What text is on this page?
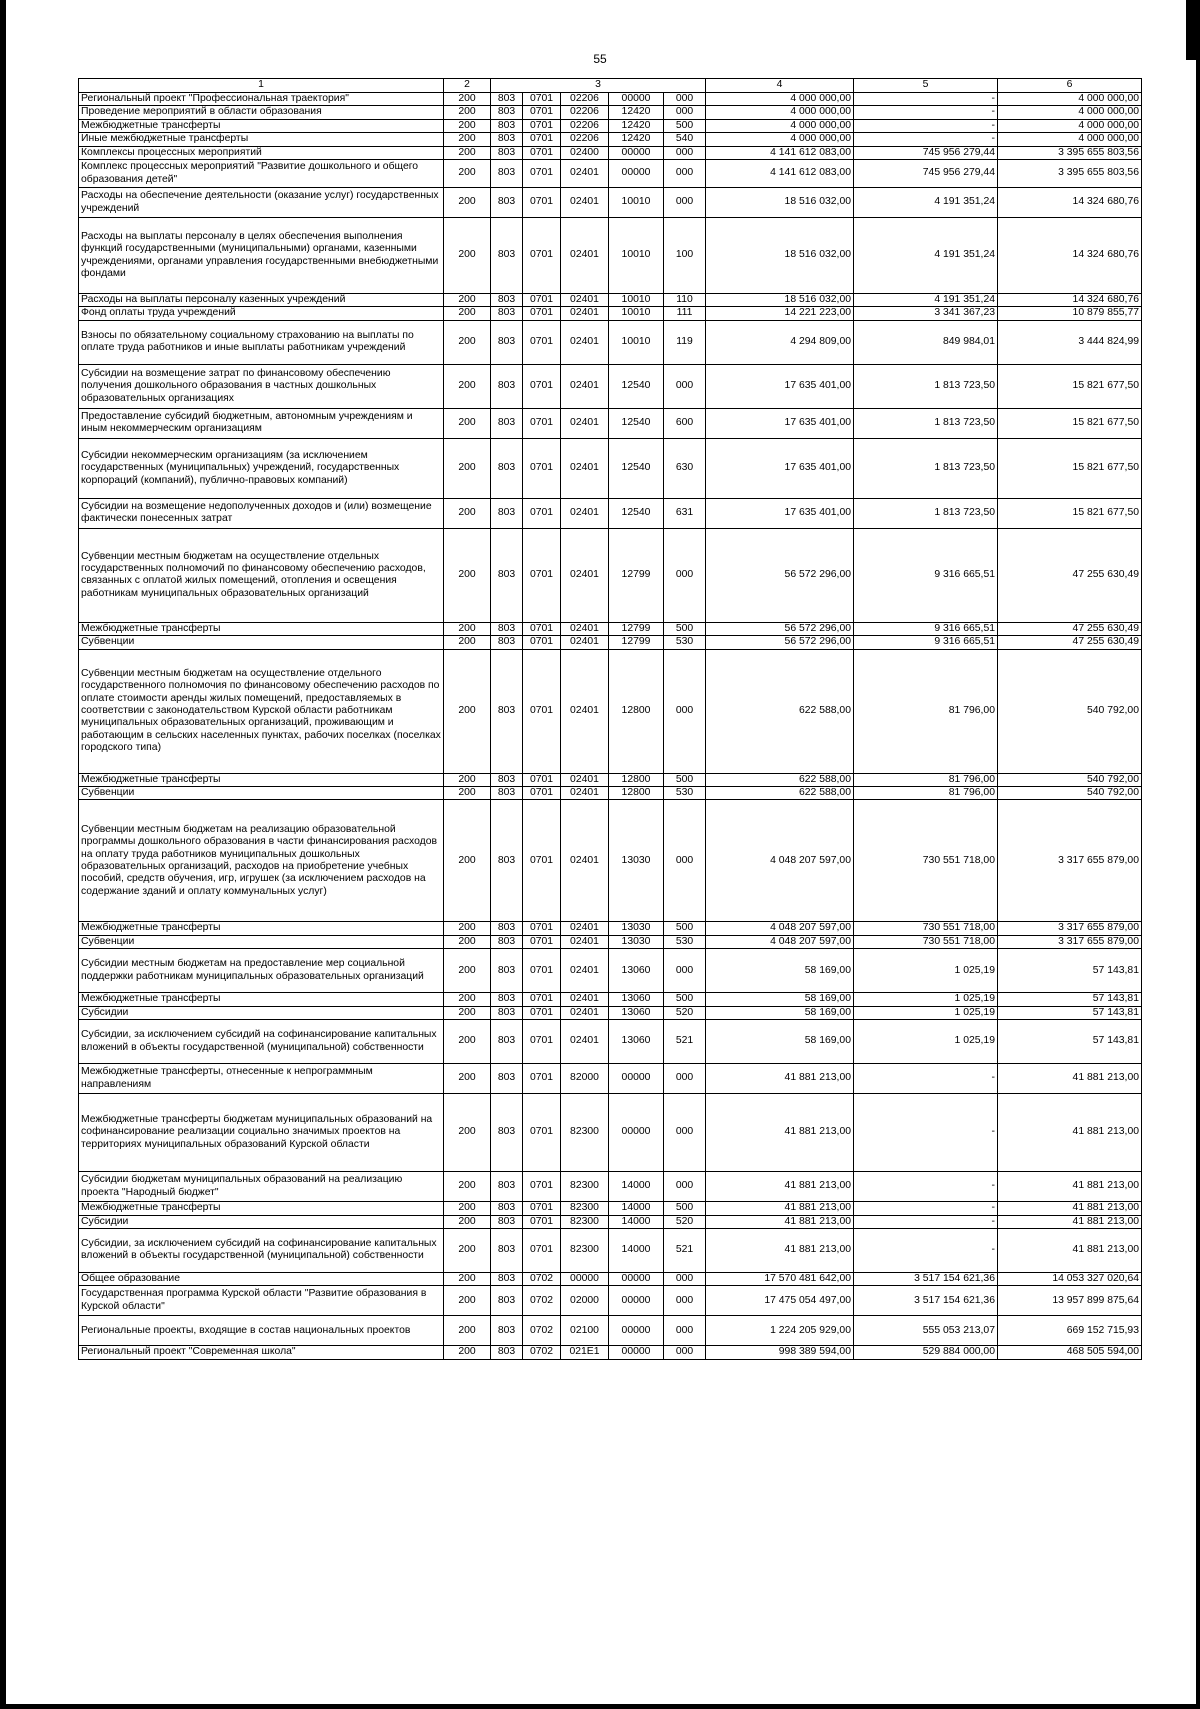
55
1	2	3					4	5	6
Региональный проект "Профессиональная траектория"	200	803	0701	02206	00000	000	4 000 000,00	-	4 000 000,00
Проведение мероприятий в области образования	200	803	0701	02206	12420	000	4 000 000,00	-	4 000 000,00
Межбюджетные трансферты	200	803	0701	02206	12420	500	4 000 000,00	-	4 000 000,00
Иные межбюджетные трансферты	200	803	0701	02206	12420	540	4 000 000,00	-	4 000 000,00
Комплексы процессных мероприятий	200	803	0701	02400	00000	000	4 141 612 083,00	745 956 279,44	3 395 655 803,56
Комплекс процессных мероприятий "Развитие дошкольного и общего образования детей"	200	803	0701	02401	00000	000	4 141 612 083,00	745 956 279,44	3 395 655 803,56
Расходы на обеспечение деятельности (оказание услуг) государственных учреждений	200	803	0701	02401	10010	000	18 516 032,00	4 191 351,24	14 324 680,76
Расходы на выплаты персоналу в целях обеспечения выполнения функций государственными (муниципальными) органами, казенными учреждениями, органами управления государственными внебюджетными фондами	200	803	0701	02401	10010	100	18 516 032,00	4 191 351,24	14 324 680,76
Расходы на выплаты персоналу казенных учреждений	200	803	0701	02401	10010	110	18 516 032,00	4 191 351,24	14 324 680,76
Фонд оплаты труда учреждений	200	803	0701	02401	10010	111	14 221 223,00	3 341 367,23	10 879 855,77
Взносы по обязательному социальному страхованию на выплаты по оплате труда работников и иные выплаты работникам учреждений	200	803	0701	02401	10010	119	4 294 809,00	849 984,01	3 444 824,99
Субсидии на возмещение затрат по финансовому обеспечению получения дошкольного образования в частных дошкольных образовательных организациях	200	803	0701	02401	12540	000	17 635 401,00	1 813 723,50	15 821 677,50
Предоставление субсидий бюджетным, автономным учреждениям и иным некоммерческим организациям	200	803	0701	02401	12540	600	17 635 401,00	1 813 723,50	15 821 677,50
Субсидии некоммерческим организациям (за исключением государственных (муниципальных) учреждений, государственных корпораций (компаний), публично-правовых компаний)	200	803	0701	02401	12540	630	17 635 401,00	1 813 723,50	15 821 677,50
Субсидии на возмещение недополученных доходов и (или) возмещение фактически понесенных затрат	200	803	0701	02401	12540	631	17 635 401,00	1 813 723,50	15 821 677,50
Субвенции местным бюджетам на осуществление отдельных государственных полномочий по финансовому обеспечению расходов, связанных с оплатой жилых помещений, отопления и освещения работникам муниципальных образовательных организаций	200	803	0701	02401	12799	000	56 572 296,00	9 316 665,51	47 255 630,49
Межбюджетные трансферты	200	803	0701	02401	12799	500	56 572 296,00	9 316 665,51	47 255 630,49
Субвенции	200	803	0701	02401	12799	530	56 572 296,00	9 316 665,51	47 255 630,49
Субвенции местным бюджетам на осуществление отдельного государственного полномочия по финансовому обеспечению расходов по оплате стоимости аренды жилых помещений, предоставляемых в соответствии с законодательством Курской области работникам муниципальных образовательных организаций, проживающим и работающим в сельских населенных пунктах, рабочих поселках (поселках городского типа)	200	803	0701	02401	12800	000	622 588,00	81 796,00	540 792,00
Межбюджетные трансферты	200	803	0701	02401	12800	500	622 588,00	81 796,00	540 792,00
Субвенции	200	803	0701	02401	12800	530	622 588,00	81 796,00	540 792,00
Субвенции местным бюджетам на реализацию образовательной программы дошкольного образования в части финансирования расходов на оплату труда работников муниципальных дошкольных образовательных организаций, расходов на приобретение учебных пособий, средств обучения, игр, игрушек (за исключением расходов на содержание зданий и оплату коммунальных услуг)	200	803	0701	02401	13030	000	4 048 207 597,00	730 551 718,00	3 317 655 879,00
Межбюджетные трансферты	200	803	0701	02401	13030	500	4 048 207 597,00	730 551 718,00	3 317 655 879,00
Субвенции	200	803	0701	02401	13030	530	4 048 207 597,00	730 551 718,00	3 317 655 879,00
Субсидии местным бюджетам на предоставление мер социальной поддержки работникам муниципальных образовательных организаций	200	803	0701	02401	13060	000	58 169,00	1 025,19	57 143,81
Межбюджетные трансферты	200	803	0701	02401	13060	500	58 169,00	1 025,19	57 143,81
Субсидии	200	803	0701	02401	13060	520	58 169,00	1 025,19	57 143,81
Субсидии, за исключением субсидий на софинансирование капитальных вложений в объекты государственной (муниципальной) собственности	200	803	0701	02401	13060	521	58 169,00	1 025,19	57 143,81
Межбюджетные трансферты, отнесенные к непрограммным направлениям	200	803	0701	82000	00000	000	41 881 213,00	-	41 881 213,00
Межбюджетные трансферты бюджетам муниципальных образований на софинансирование реализации социально значимых проектов на территориях муниципальных образований Курской области	200	803	0701	82300	00000	000	41 881 213,00	-	41 881 213,00
Субсидии бюджетам муниципальных образований на реализацию проекта "Народный бюджет"	200	803	0701	82300	14000	000	41 881 213,00	-	41 881 213,00
Межбюджетные трансферты	200	803	0701	82300	14000	500	41 881 213,00	-	41 881 213,00
Субсидии	200	803	0701	82300	14000	520	41 881 213,00	-	41 881 213,00
Субсидии, за исключением субсидий на софинансирование капитальных вложений в объекты государственной (муниципальной) собственности	200	803	0701	82300	14000	521	41 881 213,00	-	41 881 213,00
Общее образование	200	803	0702	00000	00000	000	17 570 481 642,00	3 517 154 621,36	14 053 327 020,64
Государственная программа Курской области "Развитие образования в Курской области"	200	803	0702	02000	00000	000	17 475 054 497,00	3 517 154 621,36	13 957 899 875,64
Региональные проекты, входящие в состав национальных проектов	200	803	0702	02100	00000	000	1 224 205 929,00	555 053 213,07	669 152 715,93
Региональный проект "Современная школа"	200	803	0702	021E1	00000	000	998 389 594,00	529 884 000,00	468 505 594,00
